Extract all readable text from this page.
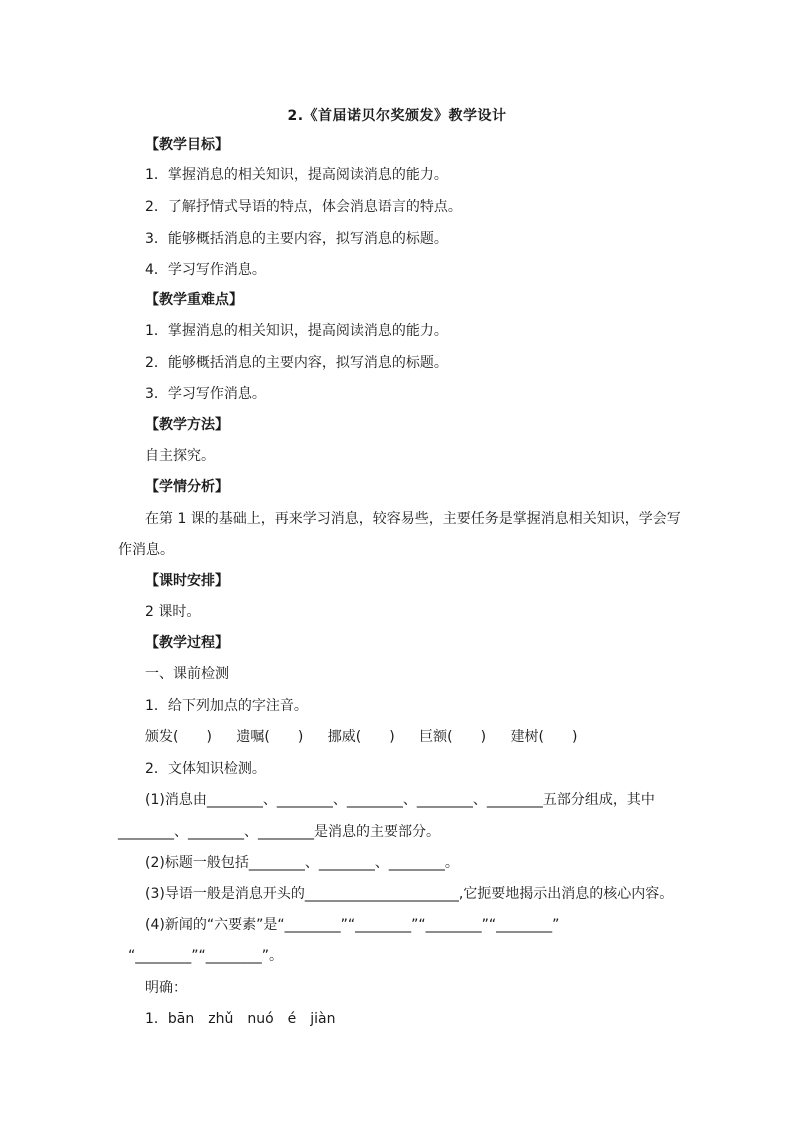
2.《首届诺贝尔奖颁发》教学设计
【教学目标】
1．掌握消息的相关知识，提高阅读消息的能力。
2．了解抒情式导语的特点，体会消息语言的特点。
3．能够概括消息的主要内容，拟写消息的标题。
4．学习写作消息。
【教学重难点】
1．掌握消息的相关知识，提高阅读消息的能力。
2．能够概括消息的主要内容，拟写消息的标题。
3．学习写作消息。
【教学方法】
自主探究。
【学情分析】
在第 1 课的基础上，再来学习消息，较容易些，主要任务是掌握消息相关知识，学会写
作消息。
【课时安排】
2 课时。
【教学过程】
一、课前检测
1．给下列加点的字注音。
颁发(　　) 遗嘱(　　) 挪威(　　) 巨额(　　) 建树(　　)
2．文体知识检测。
(1)消息由________、________、________、________、________五部分组成，其中
________、________、________是消息的主要部分。
(2)标题一般包括________、________、________。
(3)导语一般是消息开头的______________________,它扼要地揭示出消息的核心内容。
(4)新闻的“六要素”是“________”“________”“________”“________”
“________”“________”。
明确：
1．bān　zhǔ　nuó　é　jiàn
